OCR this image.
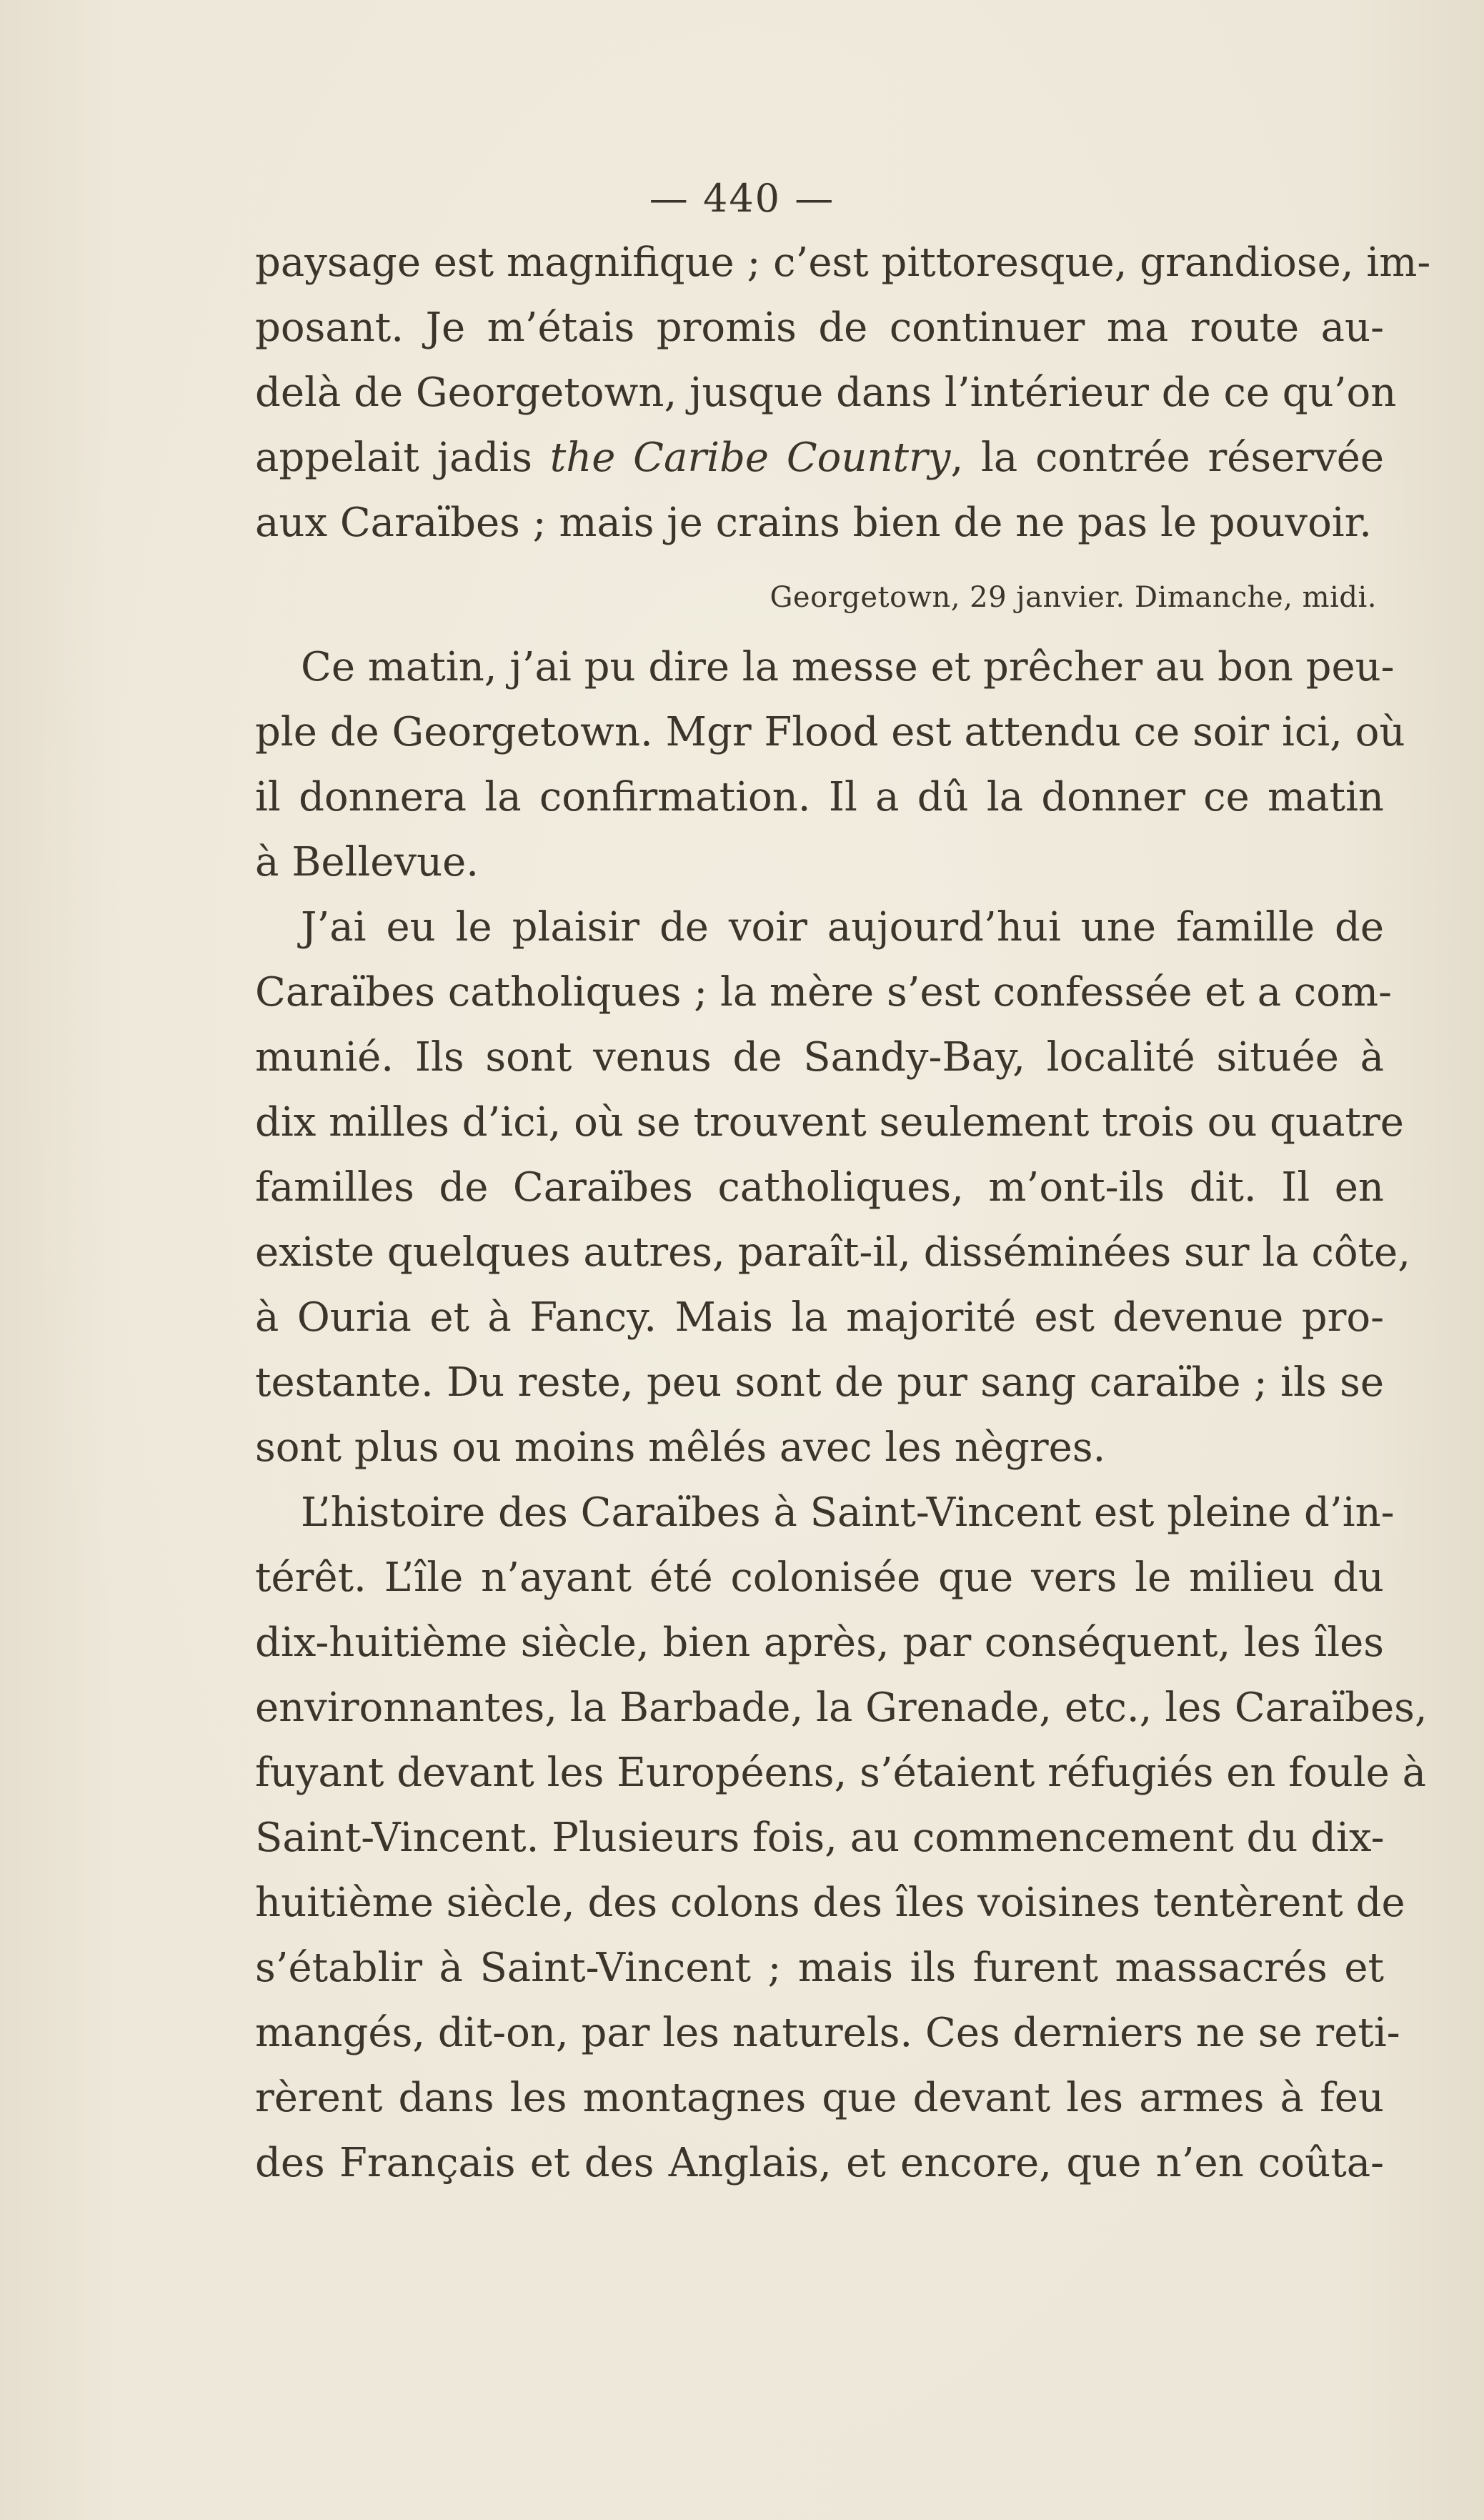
— 440 —
paysage est magnifique ; c’est pittoresque, grandiose, im-
posant. Je m’étais promis de continuer ma route au-
delà de Georgetown, jusque dans l’intérieur de ce qu’on
appelait jadis the Caribe Country, la contrée réservée
aux Caraïbes ; mais je crains bien de ne pas le pouvoir.
Georgetown, 29 janvier. Dimanche, midi.
Ce matin, j’ai pu dire la messe et prêcher au bon peu-
ple de Georgetown. Mgr Flood est attendu ce soir ici, où
il donnera la confirmation. Il a dû la donner ce matin
à Bellevue.
J’ai eu le plaisir de voir aujourd’hui une famille de
Caraïbes catholiques ; la mère s’est confessée et a com-
munié. Ils sont venus de Sandy-Bay, localité située à
dix milles d’ici, où se trouvent seulement trois ou quatre
familles de Caraïbes catholiques, m’ont-ils dit. Il en
existe quelques autres, paraît-il, disséminées sur la côte,
à Ouria et à Fancy. Mais la majorité est devenue pro-
testante. Du reste, peu sont de pur sang caraïbe ; ils se
sont plus ou moins mêlés avec les nègres.
L’histoire des Caraïbes à Saint-Vincent est pleine d’in-
térêt. L’île n’ayant été colonisée que vers le milieu du
dix-huitième siècle, bien après, par conséquent, les îles
environnantes, la Barbade, la Grenade, etc., les Caraïbes,
fuyant devant les Européens, s’étaient réfugiés en foule à
Saint-Vincent. Plusieurs fois, au commencement du dix-
huitième siècle, des colons des îles voisines tentèrent de
s’établir à Saint-Vincent ; mais ils furent massacrés et
mangés, dit-on, par les naturels. Ces derniers ne se reti-
rèrent dans les montagnes que devant les armes à feu
des Français et des Anglais, et encore, que n’en coûta-
